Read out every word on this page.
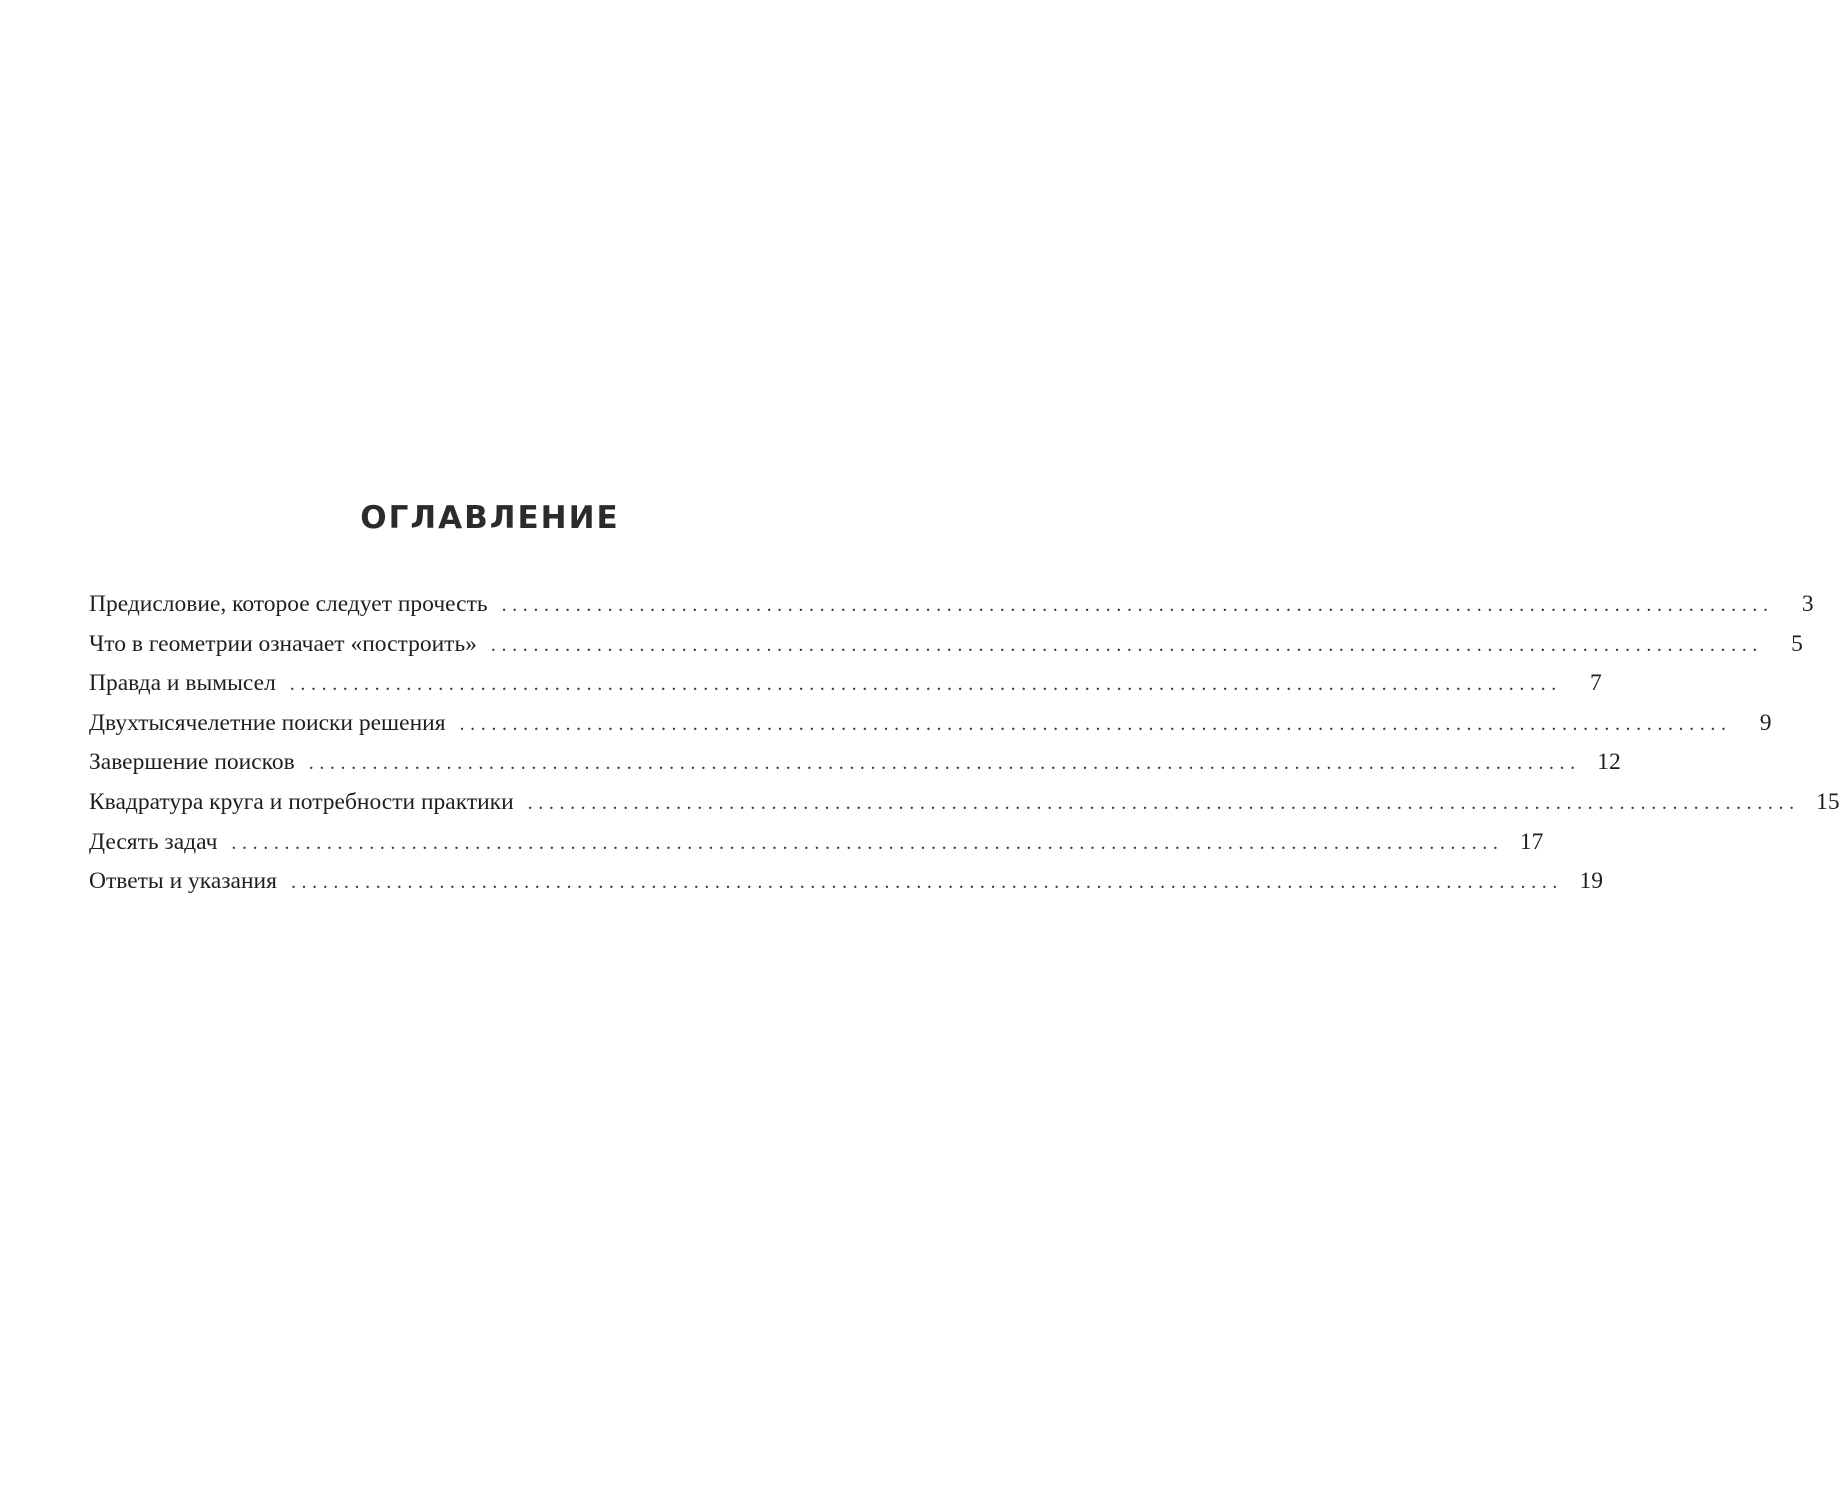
ОГЛАВЛЕНИЕ
Предисловие, которое следует прочесть ........................................................................................................................	3
Что в геометрии означает «построить» ........................................................................................................................	5
Правда и вымысел ........................................................................................................................	7
Двухтысячелетние поиски решения ........................................................................................................................	9
Завершение поисков ........................................................................................................................ 12
Квадратура круга и потребности практики ........................................................................................................................ 15
Десять задач ........................................................................................................................ 17
Ответы и указания ........................................................................................................................ 19
